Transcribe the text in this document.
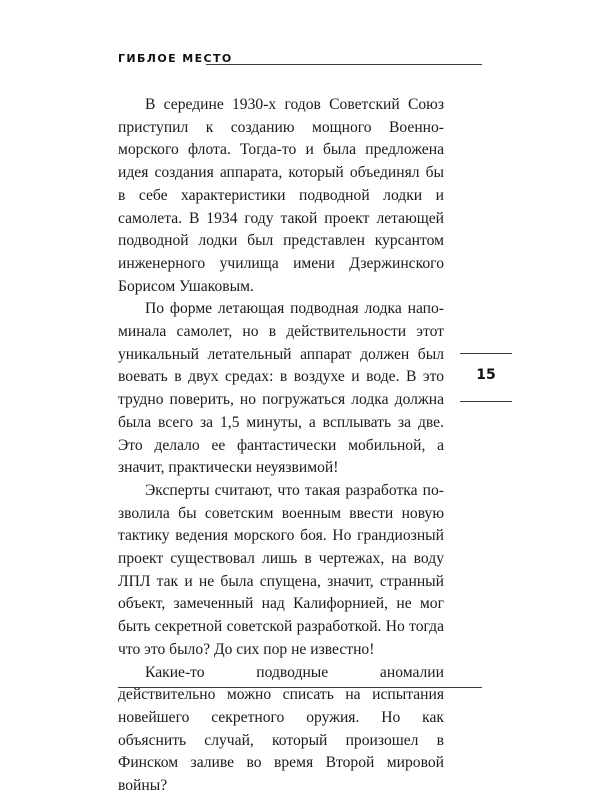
ГИБЛОЕ МЕСТО

В середине 1930-х годов Советский Союз приступил к созданию мощного Военно-морского флота. Тогда-то и была предложена идея создания аппарата, который объединял бы в себе характеристики подводной лодки и самолета. В 1934 году такой проект летающей подводной лодки был представлен курсантом инженерного училища имени Дзержинского Борисом Ушаковым.

По форме летающая подводная лодка напоминала самолет, но в действительности этот уникальный летательный аппарат должен был воевать в двух средах: в воздухе и воде. В это трудно поверить, но погружаться лодка должна была всего за 1,5 минуты, а всплывать за две. Это делало ее фантастически мобильной, а значит, практически неуязвимой!

Эксперты считают, что такая разработка позволила бы советским военным ввести новую тактику ведения морского боя. Но грандиозный проект существовал лишь в чертежах, на воду ЛПЛ так и не была спущена, значит, странный объект, замеченный над Калифорнией, не мог быть секретной советской разработкой. Но тогда что это было? До сих пор не известно!

Какие-то подводные аномалии действительно можно списать на испытания новейшего секретного оружия. Но как объяснить случай, который произошел в Финском заливе во время Второй мировой войны?

15
